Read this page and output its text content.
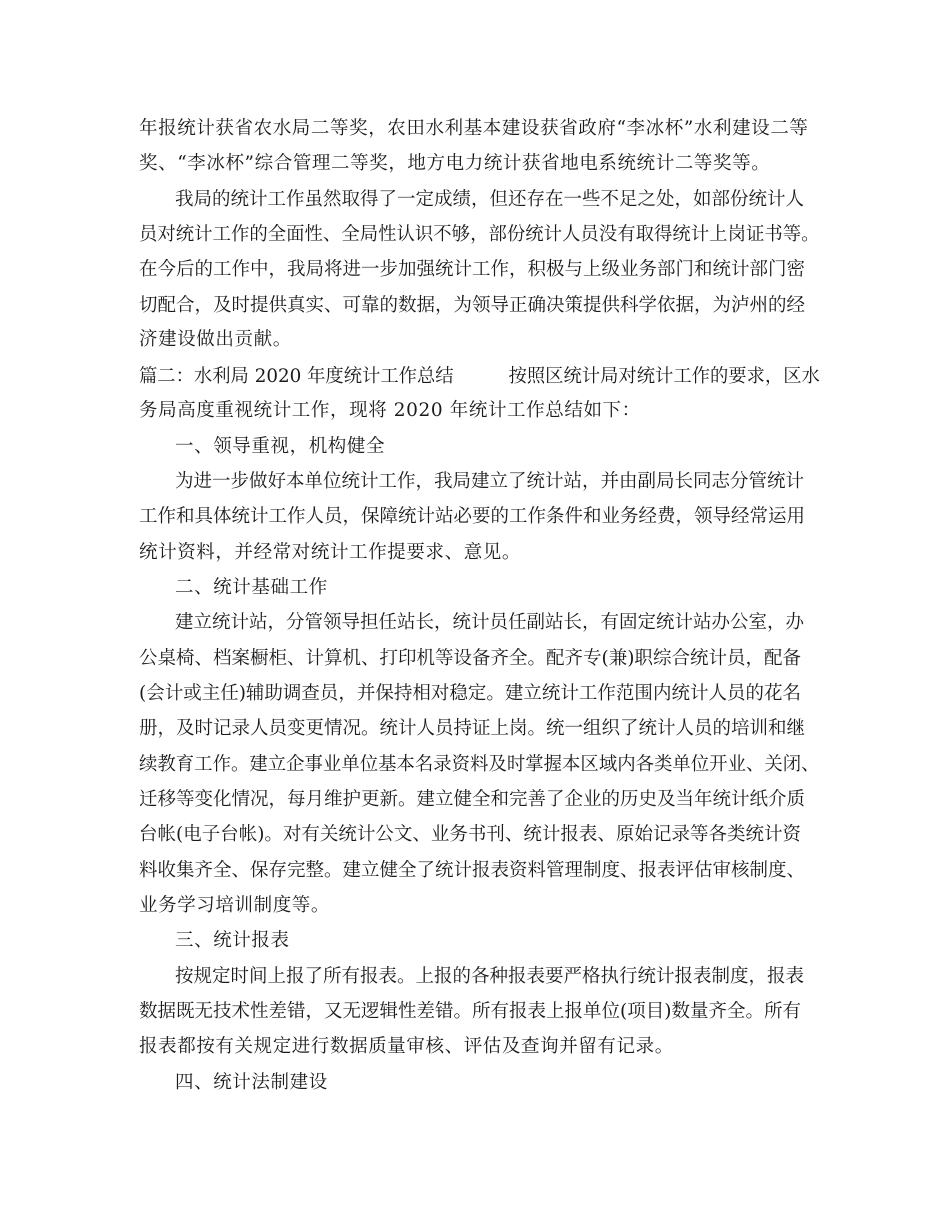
年报统计获省农水局二等奖，农田水利基本建设获省政府“李冰杯”水利建设二等
奖、“李冰杯”综合管理二等奖，地方电力统计获省地电系统统计二等奖等。
我局的统计工作虽然取得了一定成绩，但还存在一些不足之处，如部份统计人
员对统计工作的全面性、全局性认识不够，部份统计人员没有取得统计上岗证书等。
在今后的工作中，我局将进一步加强统计工作，积极与上级业务部门和统计部门密
切配合，及时提供真实、可靠的数据，为领导正确决策提供科学依据，为泸州的经
济建设做出贡献。
篇二：水利局 2020 年度统计工作总结　　　按照区统计局对统计工作的要求，区水
务局高度重视统计工作，现将 2020 年统计工作总结如下：
一、领导重视，机构健全
为进一步做好本单位统计工作，我局建立了统计站，并由副局长同志分管统计
工作和具体统计工作人员，保障统计站必要的工作条件和业务经费，领导经常运用
统计资料，并经常对统计工作提要求、意见。
二、统计基础工作
建立统计站，分管领导担任站长，统计员任副站长，有固定统计站办公室，办
公桌椅、档案橱柜、计算机、打印机等设备齐全。配齐专(兼)职综合统计员，配备
(会计或主任)辅助调查员，并保持相对稳定。建立统计工作范围内统计人员的花名
册，及时记录人员变更情况。统计人员持证上岗。统一组织了统计人员的培训和继
续教育工作。建立企事业单位基本名录资料及时掌握本区域内各类单位开业、关闭、
迁移等变化情况，每月维护更新。建立健全和完善了企业的历史及当年统计纸介质
台帐(电子台帐)。对有关统计公文、业务书刊、统计报表、原始记录等各类统计资
料收集齐全、保存完整。建立健全了统计报表资料管理制度、报表评估审核制度、
业务学习培训制度等。
三、统计报表
按规定时间上报了所有报表。上报的各种报表要严格执行统计报表制度，报表
数据既无技术性差错，又无逻辑性差错。所有报表上报单位(项目)数量齐全。所有
报表都按有关规定进行数据质量审核、评估及查询并留有记录。
四、统计法制建设
